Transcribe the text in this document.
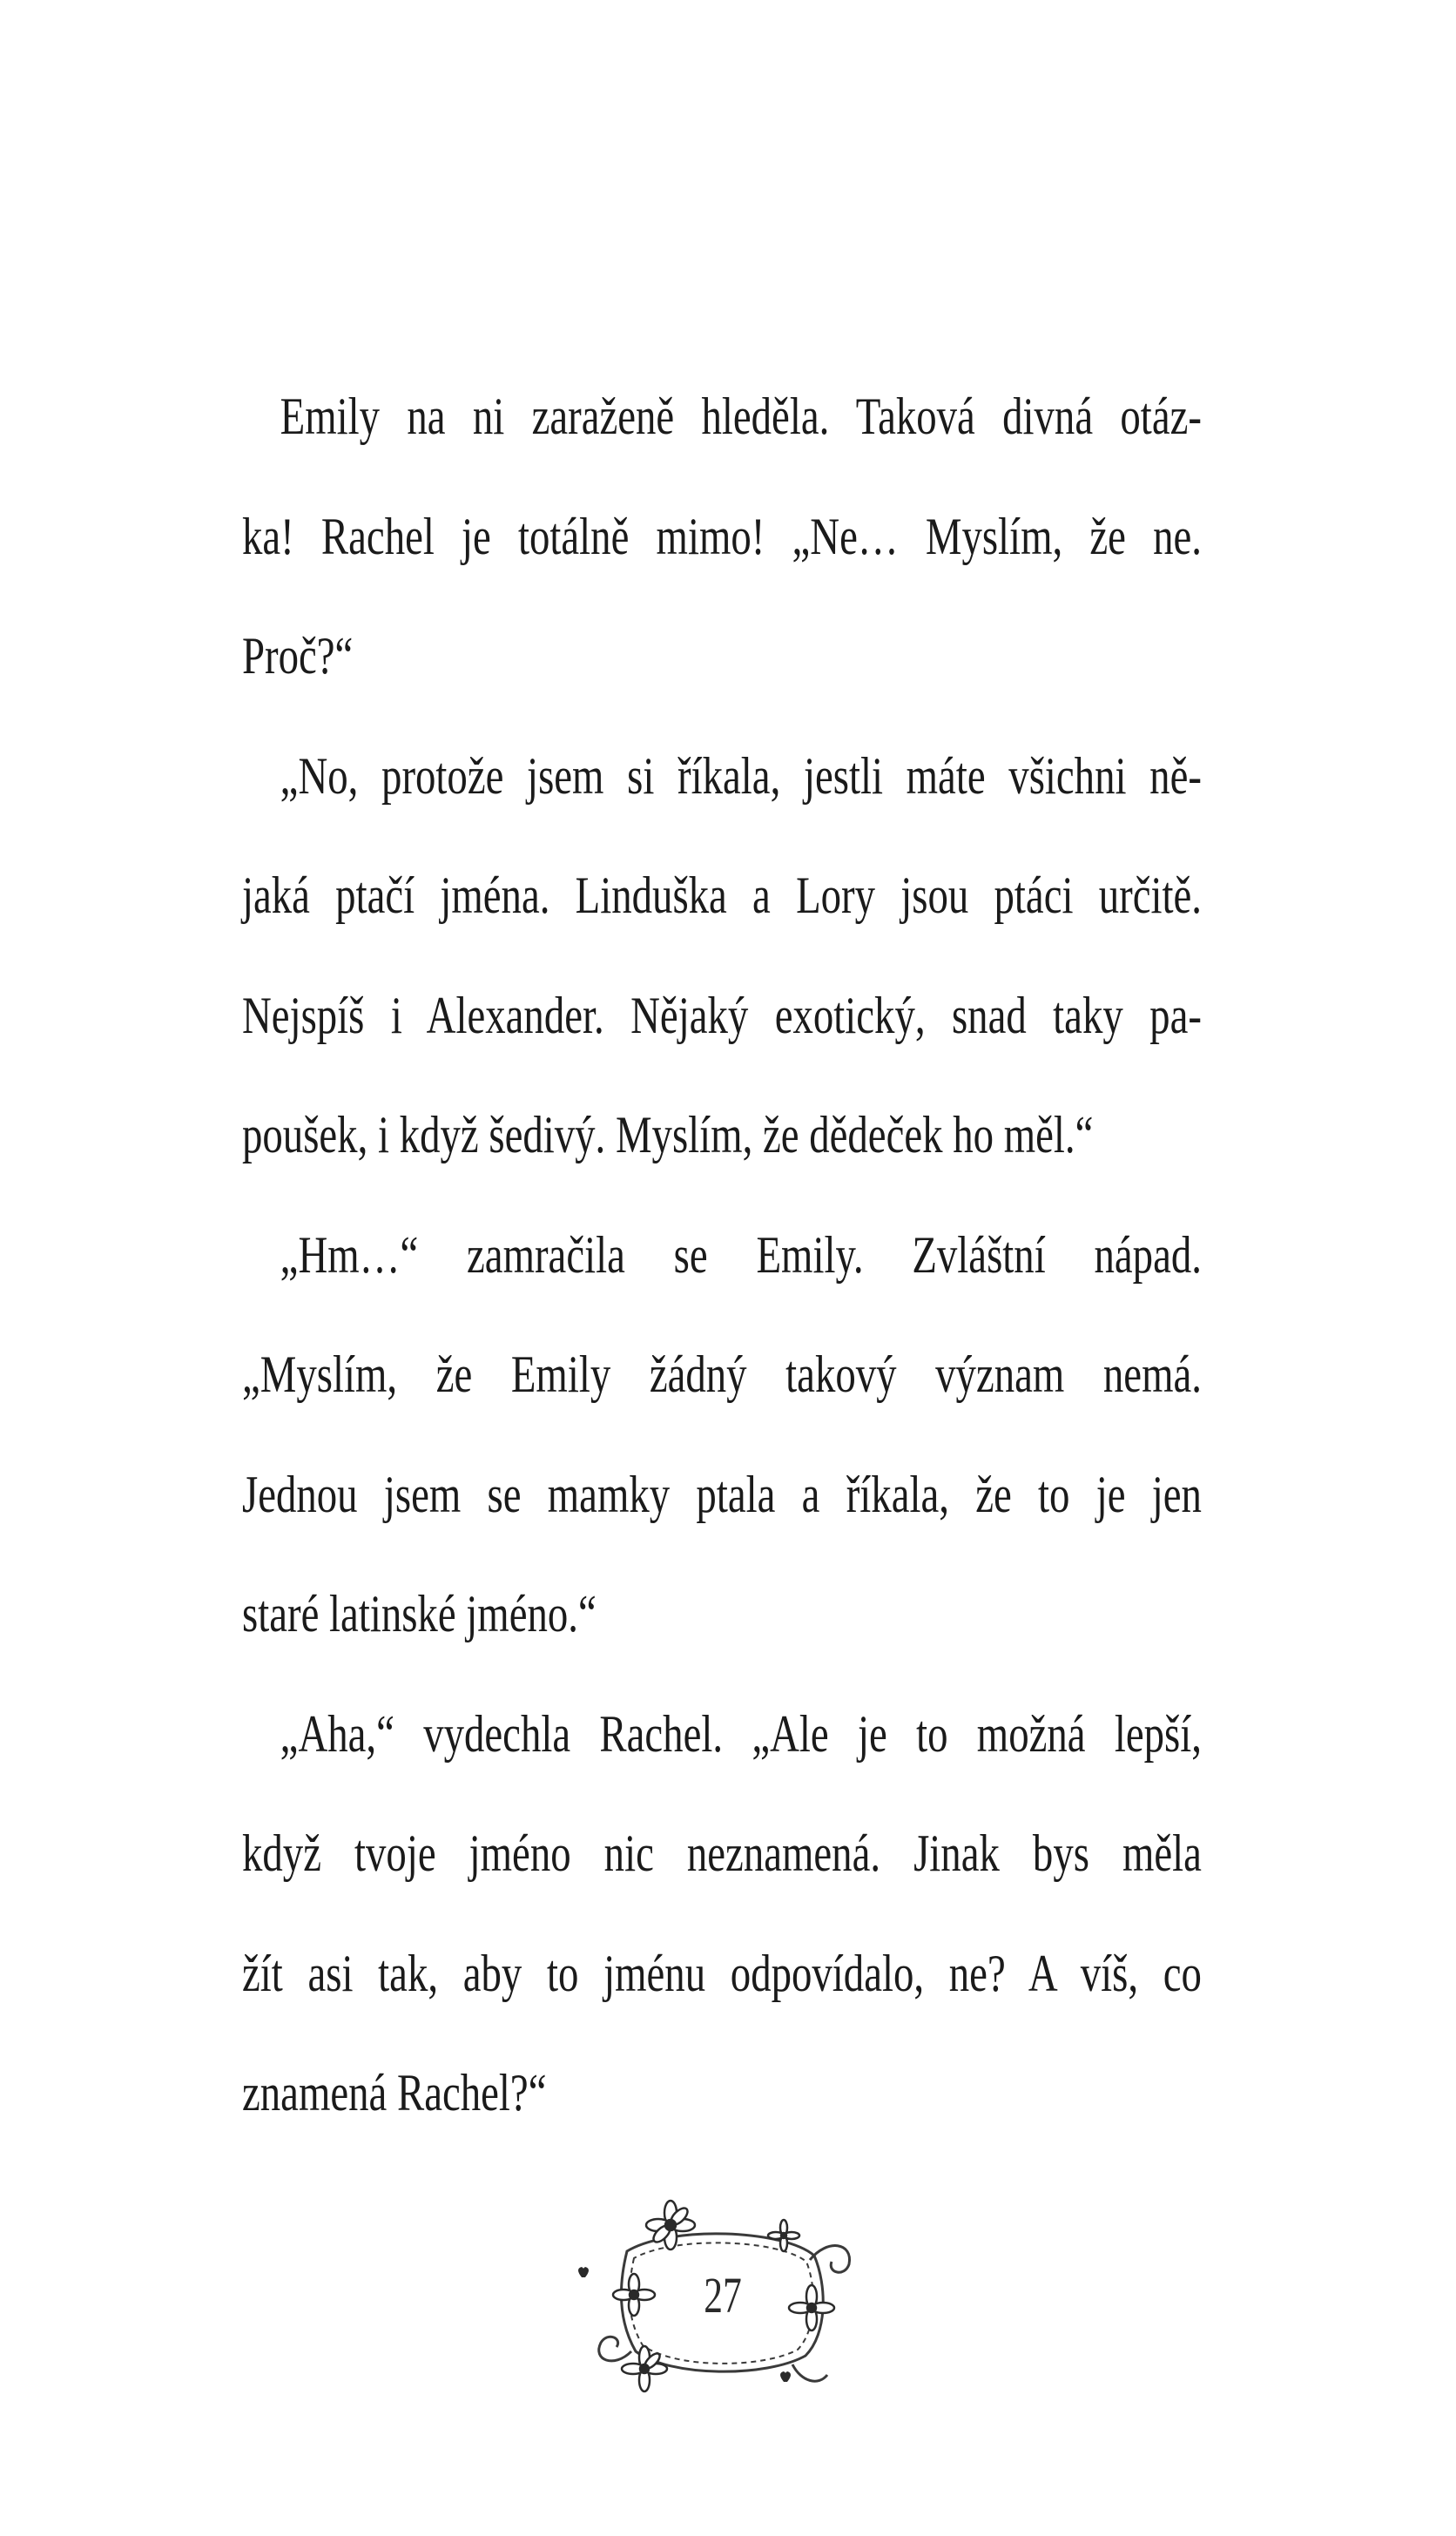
Emily na ni zaraženě hleděla. Taková divná otáz-
ka! Rachel je totálně mimo! „Ne… Myslím, že ne.
Proč?“
„No, protože jsem si říkala, jestli máte všichni ně-
jaká ptačí jména. Linduška a Lory jsou ptáci určitě.
Nejspíš i Alexander. Nějaký exotický, snad taky pa-
poušek, i když šedivý. Myslím, že dědeček ho měl.“
„Hm…“ zamračila se Emily. Zvláštní nápad.
„Myslím, že Emily žádný takový význam nemá.
Jednou jsem se mamky ptala a říkala, že to je jen
staré latinské jméno.“
„Aha,“ vydechla Rachel. „Ale je to možná lepší,
když tvoje jméno nic neznamená. Jinak bys měla
žít asi tak, aby to jménu odpovídalo, ne? A víš, co
znamená Rachel?“
27
